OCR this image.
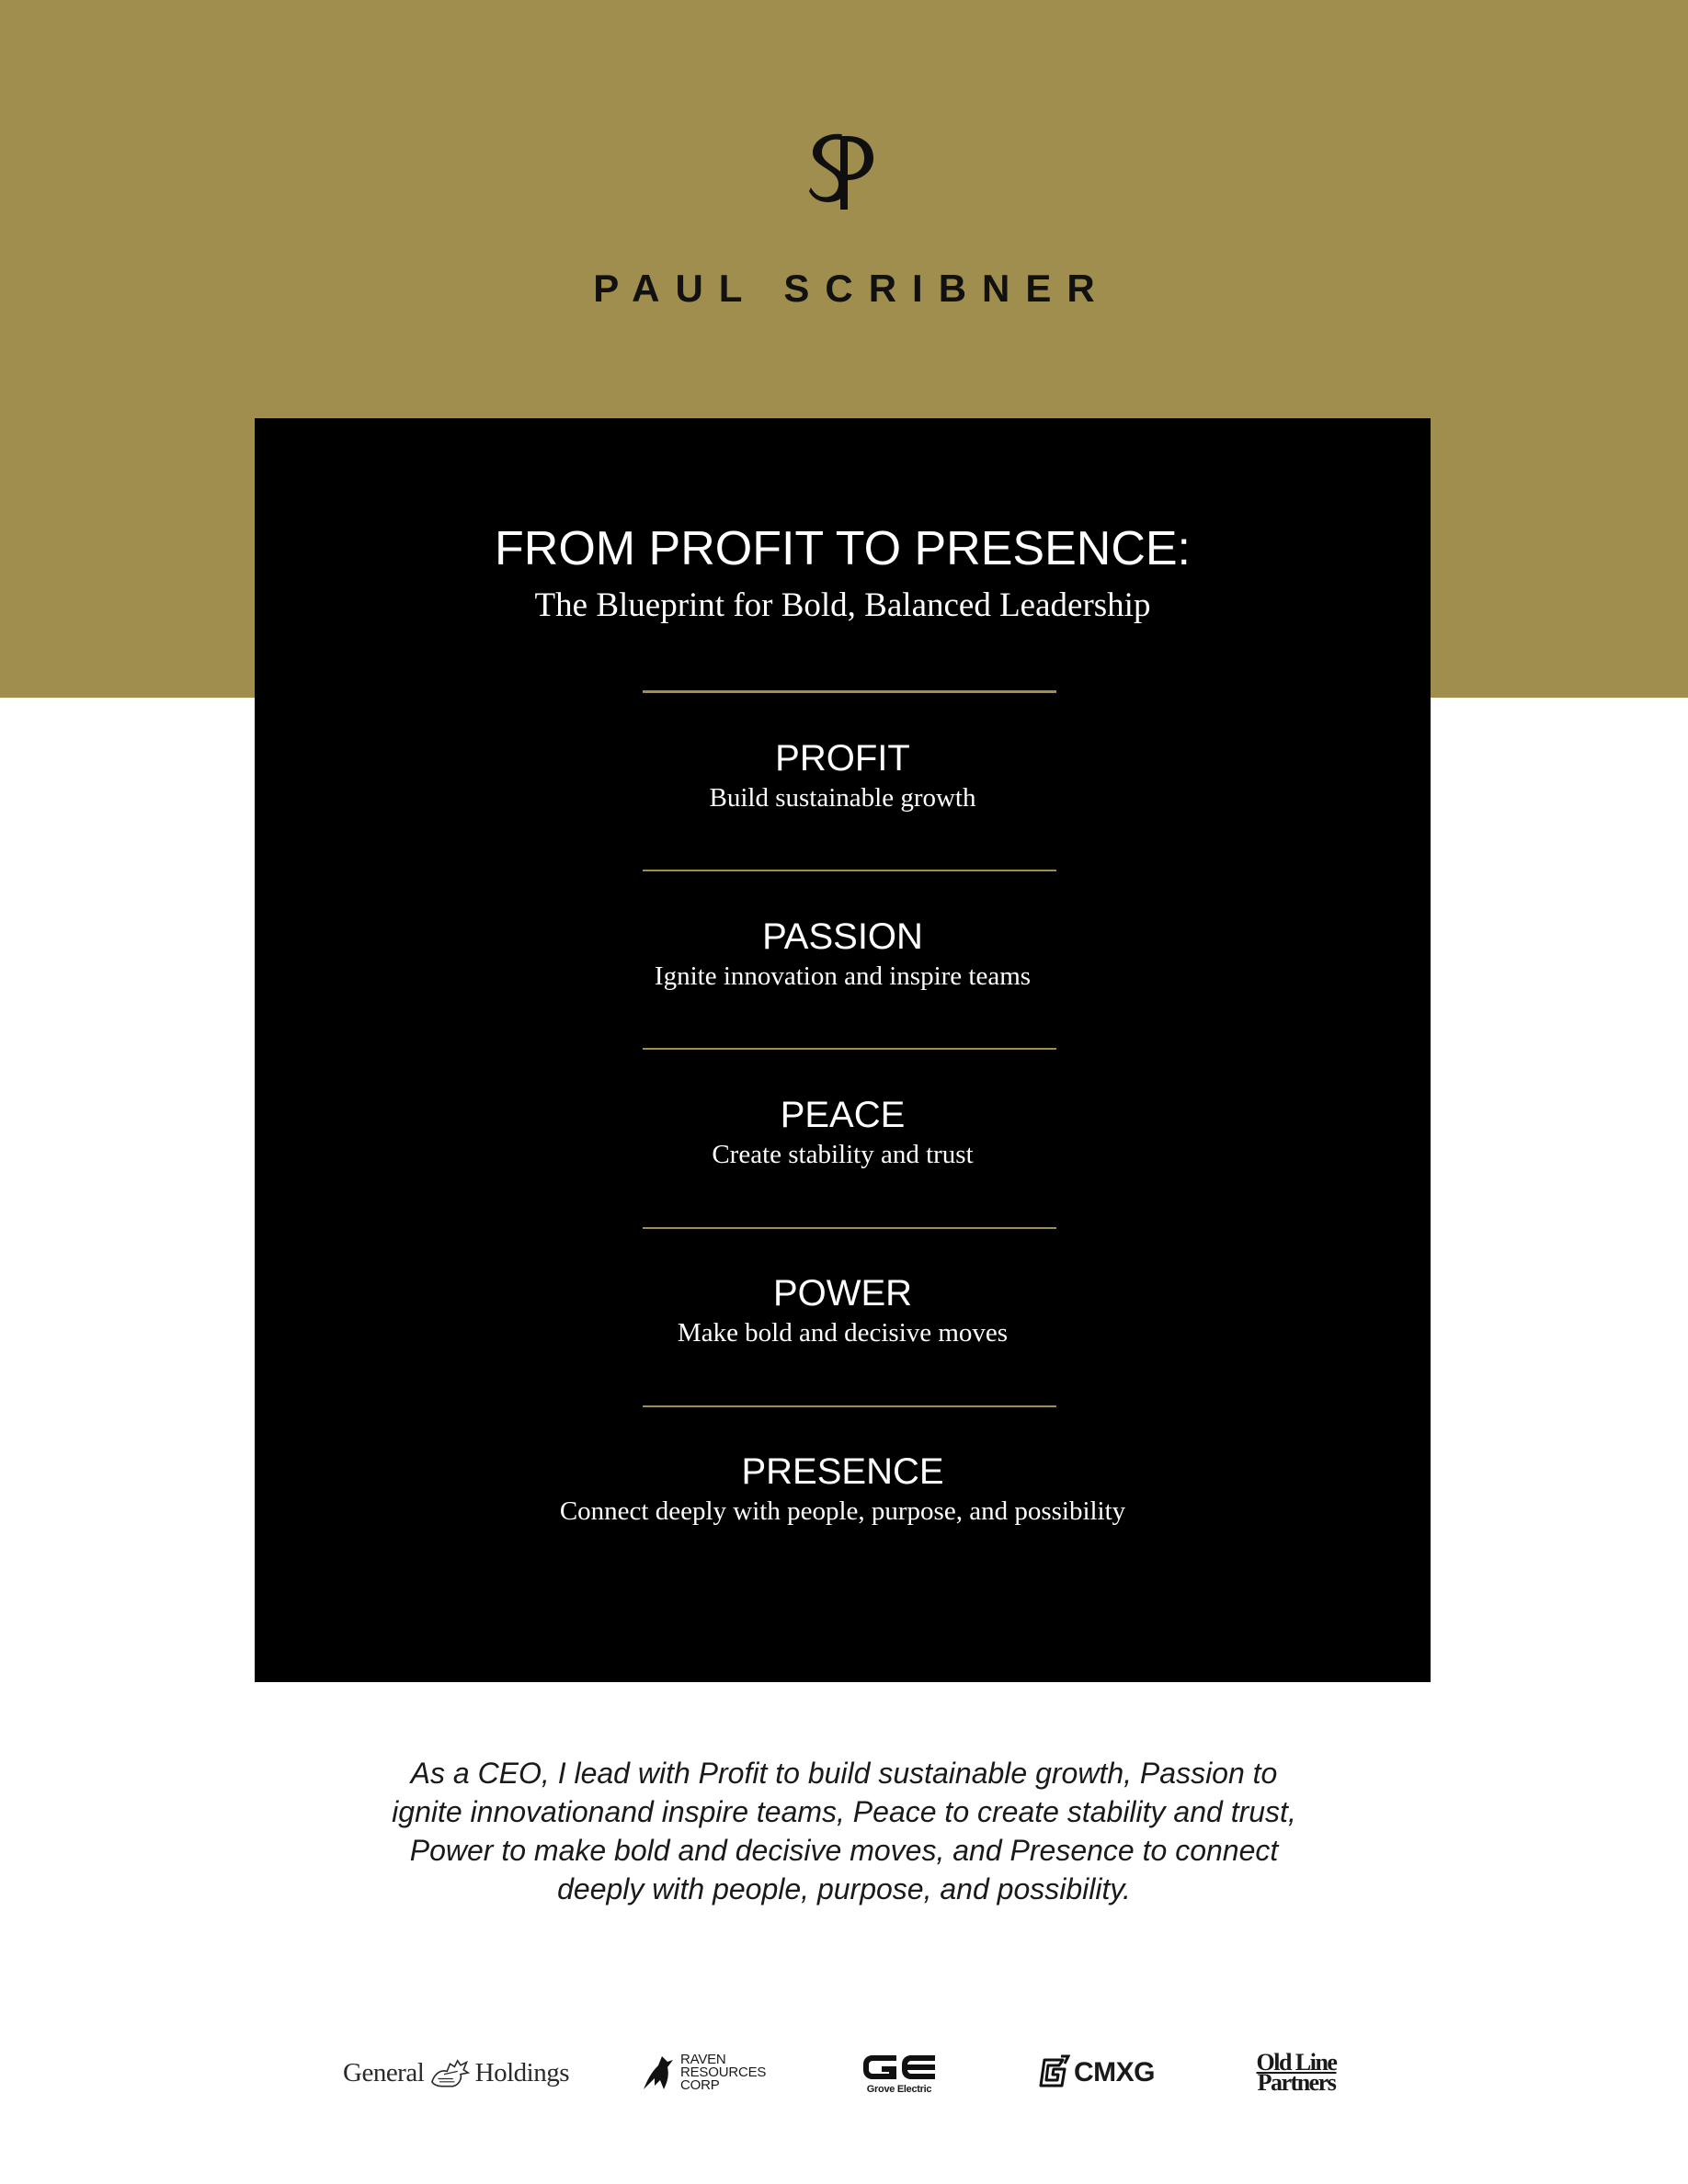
PAUL SCRIBNER
FROM PROFIT TO PRESENCE:
The Blueprint for Bold, Balanced Leadership
PROFIT
Build sustainable growth
PASSION
Ignite innovation and inspire teams
PEACE
Create stability and trust
POWER
Make bold and decisive moves
PRESENCE
Connect deeply with people, purpose, and possibility
As a CEO, I lead with Profit to build sustainable growth, Passion to
ignite innovationand inspire teams, Peace to create stability and trust,
Power to make bold and decisive moves, and Presence to connect
deeply with people, purpose, and possibility.
General Holdings	RAVEN
RESOURCES
CORP	Grove Electric
CMXG	Old Line
Partners
